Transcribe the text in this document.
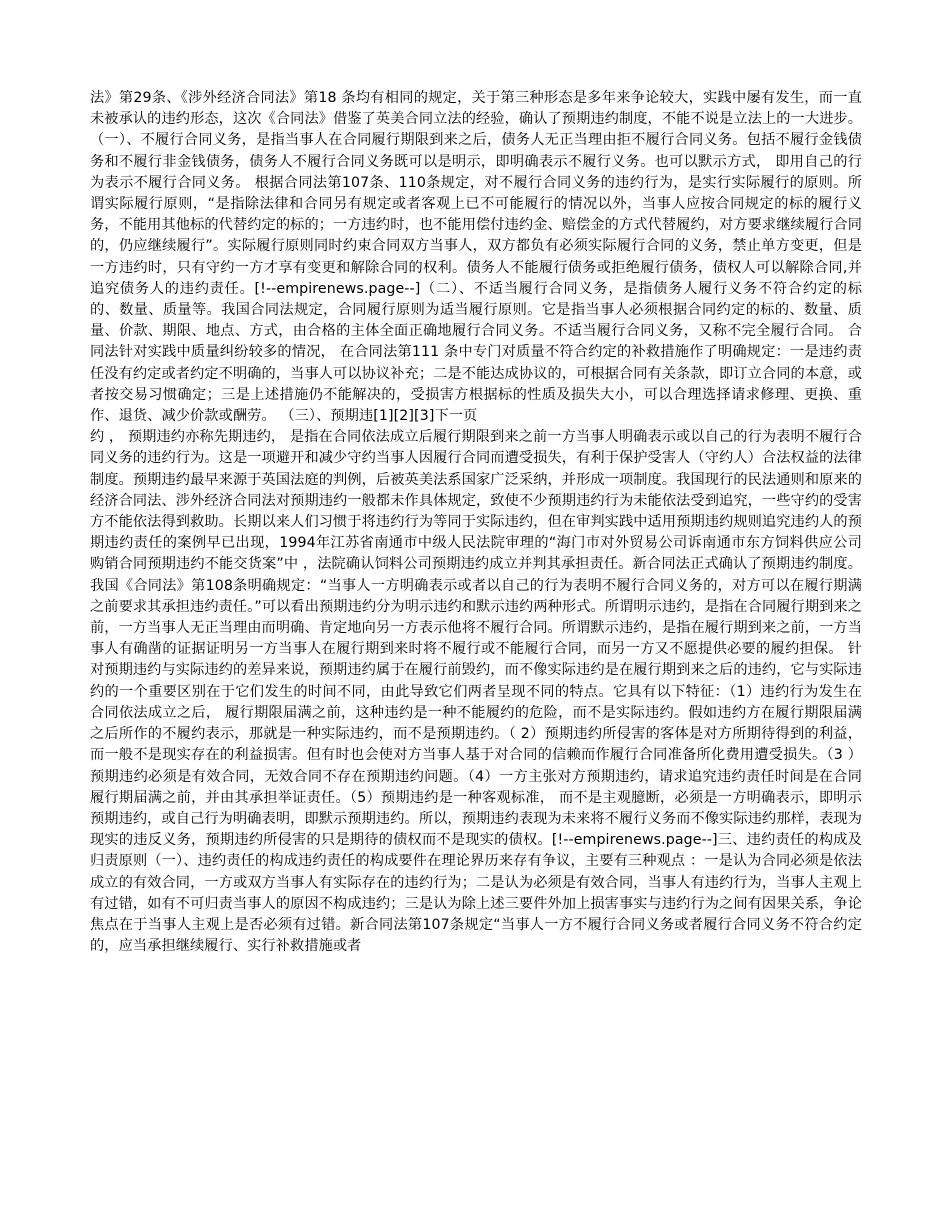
法》第29条、《涉外经济合同法》第18 条均有相同的规定，关于第三种形态是多年来争论较大，实践中屡有发生，而一直未被承认的违约形态，这次《合同法》借鉴了英美合同立法的经验，确认了预期违约制度，不能不说是立法上的一大进步。（一）、不履行合同义务，是指当事人在合同履行期限到来之后，债务人无正当理由拒不履行合同义务。包括不履行金钱债务和不履行非金钱债务，债务人不履行合同义务既可以是明示，即明确表示不履行义务。也可以默示方式， 即用自己的行为表示不履行合同义务。 根据合同法第107条、110条规定，对不履行合同义务的违约行为，是实行实际履行的原则。所谓实际履行原则，“是指除法律和合同另有规定或者客观上已不可能履行的情况以外，当事人应按合同规定的标的履行义务，不能用其他标的代替约定的标的；一方违约时，也不能用偿付违约金、赔偿金的方式代替履约，对方要求继续履行合同的，仍应继续履行”。实际履行原则同时约束合同双方当事人，双方都负有必须实际履行合同的义务，禁止单方变更，但是一方违约时，只有守约一方才享有变更和解除合同的权利。债务人不能履行债务或拒绝履行债务，债权人可以解除合同,并追究债务人的违约责任。[!--empirenews.page--]（二）、不适当履行合同义务，是指债务人履行义务不符合约定的标的、数量、质量等。我国合同法规定，合同履行原则为适当履行原则。它是指当事人必须根据合同约定的标的、数量、质量、价款、期限、地点、方式，由合格的主体全面正确地履行合同义务。不适当履行合同义务，又称不完全履行合同。 合同法针对实践中质量纠纷较多的情况， 在合同法第111 条中专门对质量不符合约定的补救措施作了明确规定：一是违约责任没有约定或者约定不明确的，当事人可以协议补充；二是不能达成协议的，可根据合同有关条款，即订立合同的本意，或者按交易习惯确定；三是上述措施仍不能解决的，受损害方根据标的性质及损失大小，可以合理选择请求修理、更换、重作、退货、减少价款或酬劳。 （三）、预期违[1][2][3]下一页

约 ， 预期违约亦称先期违约， 是指在合同依法成立后履行期限到来之前一方当事人明确表示或以自己的行为表明不履行合同义务的违约行为。这是一项避开和减少守约当事人因履行合同而遭受损失，有利于保护受害人（守约人）合法权益的法律制度。预期违约最早来源于英国法庭的判例，后被英美法系国家广泛采纳，并形成一项制度。我国现行的民法通则和原来的经济合同法、涉外经济合同法对预期违约一般都未作具体规定，致使不少预期违约行为未能依法受到追究，一些守约的受害方不能依法得到救助。长期以来人们习惯于将违约行为等同于实际违约，但在审判实践中适用预期违约规则追究违约人的预期违约责任的案例早已出现，1994年江苏省南通市中级人民法院审理的“海门市对外贸易公司诉南通市东方饲料供应公司购销合同预期违约不能交货案”中 ，法院确认饲料公司预期违约成立并判其承担责任。新合同法正式确认了预期违约制度。我国《合同法》第108条明确规定：“当事人一方明确表示或者以自己的行为表明不履行合同义务的，对方可以在履行期满之前要求其承担违约责任。”可以看出预期违约分为明示违约和默示违约两种形式。所谓明示违约，是指在合同履行期到来之前，一方当事人无正当理由而明确、肯定地向另一方表示他将不履行合同。所谓默示违约，是指在履行期到来之前，一方当事人有确凿的证据证明另一方当事人在履行期到来时将不履行或不能履行合同，而另一方又不愿提供必要的履约担保。 针对预期违约与实际违约的差异来说，预期违约属于在履行前毁约，而不像实际违约是在履行期到来之后的违约，它与实际违约的一个重要区别在于它们发生的时间不同，由此导致它们两者呈现不同的特点。它具有以下特征：（1）违约行为发生在合同依法成立之后， 履行期限届满之前，这种违约是一种不能履约的危险，而不是实际违约。假如违约方在履行期限届满之后所作的不履约表示，那就是一种实际违约，而不是预期违约。（ 2）预期违约所侵害的客体是对方所期待得到的利益，而一般不是现实存在的利益损害。但有时也会使对方当事人基于对合同的信赖而作履行合同准备所化费用遭受损失。（3 ）预期违约必须是有效合同，无效合同不存在预期违约问题。（4）一方主张对方预期违约，请求追究违约责任时间是在合同履行期届满之前，并由其承担举证责任。（5）预期违约是一种客观标准， 而不是主观臆断，必须是一方明确表示，即明示预期违约，或自己行为明确表明，即默示预期违约。所以，预期违约表现为未来将不履行义务而不像实际违约那样，表现为现实的违反义务，预期违约所侵害的只是期待的债权而不是现实的债权。[!--empirenews.page--]三、违约责任的构成及归责原则（一）、违约责任的构成违约责任的构成要件在理论界历来存有争议，主要有三种观点 ：一是认为合同必须是依法成立的有效合同，一方或双方当事人有实际存在的违约行为；二是认为必须是有效合同，当事人有违约行为，当事人主观上有过错，如有不可归责当事人的原因不构成违约；三是认为除上述三要件外加上损害事实与违约行为之间有因果关系，争论焦点在于当事人主观上是否必须有过错。新合同法第107条规定“当事人一方不履行合同义务或者履行合同义务不符合约定的，应当承担继续履行、实行补救措施或者
